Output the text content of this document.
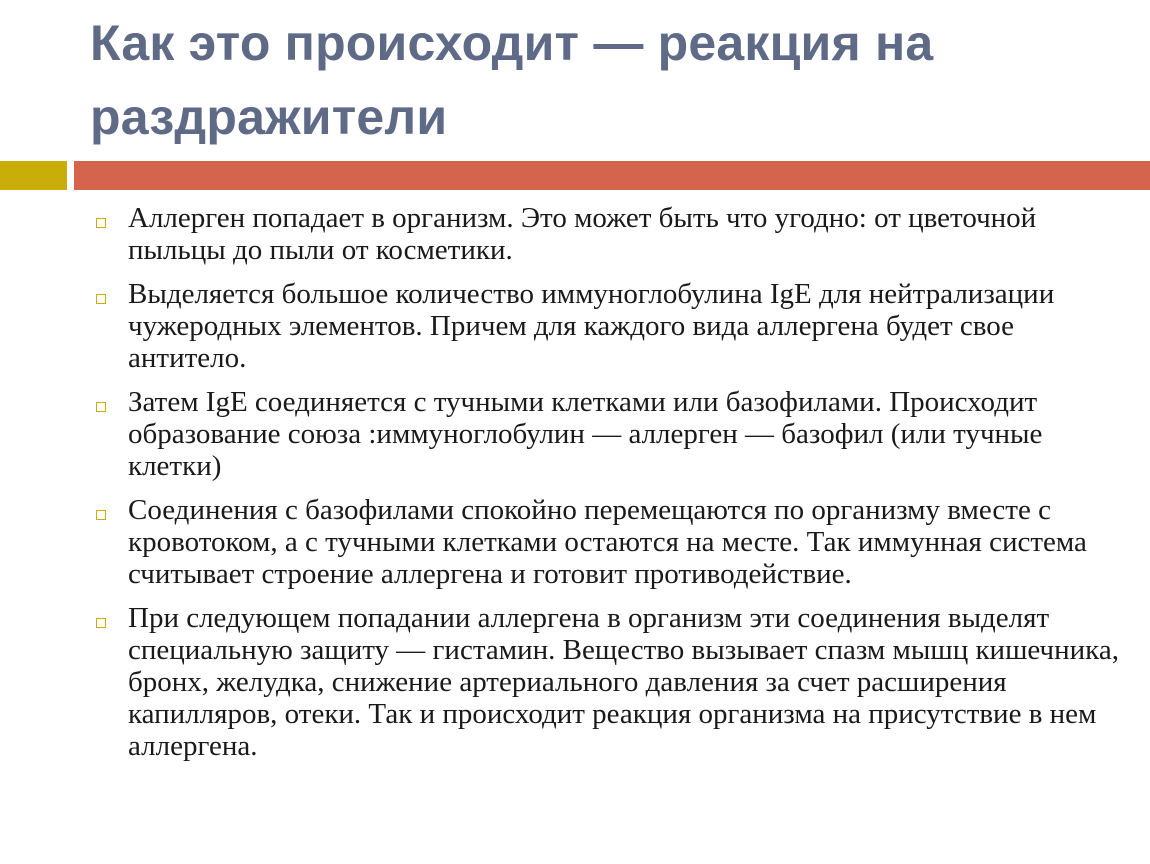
Как это происходит — реакция на раздражители
Аллерген попадает в организм. Это может быть что угодно: от цветочной пыльцы до пыли от косметики.
Выделяется большое количество иммуноглобулина IgE для нейтрализации чужеродных элементов. Причем для каждого вида аллергена будет свое антитело.
Затем IgE соединяется с тучными клетками или базофилами. Происходит образование союза :иммуноглобулин — аллерген — базофил (или тучные клетки)
Соединения с базофилами спокойно перемещаются по организму вместе с кровотоком, а с тучными клетками остаются на месте. Так иммунная система считывает строение аллергена и готовит противодействие.
При следующем попадании аллергена в организм эти соединения выделят специальную защиту — гистамин. Вещество вызывает спазм мышц кишечника, бронх, желудка, снижение артериального давления за счет расширения капилляров, отеки. Так и происходит реакция организма на присутствие в нем аллергена.
